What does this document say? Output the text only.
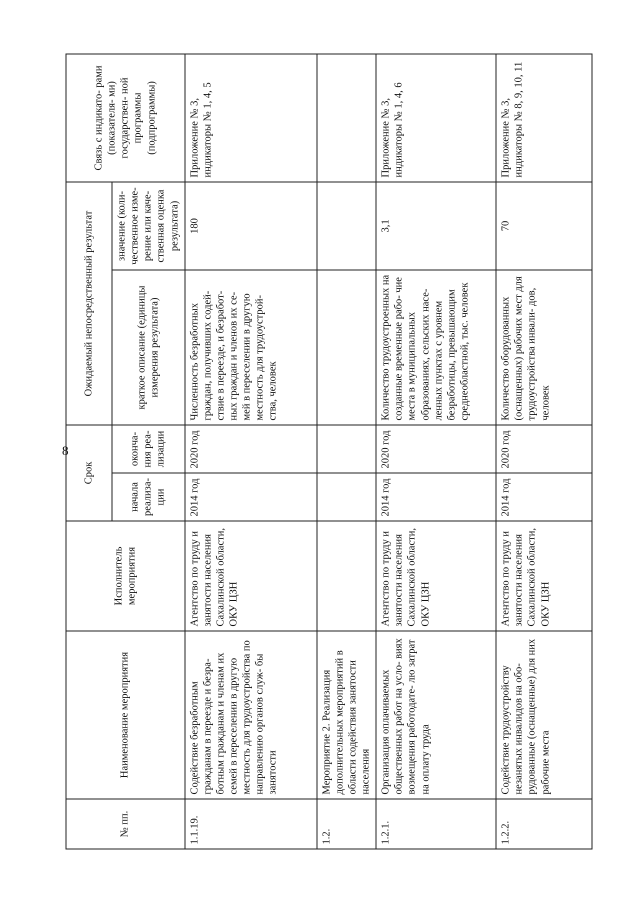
8
№ пп.	Наименование мероприятия	Исполнитель мероприятия	Срок		Ожидаемый непосредственный результат		Связь с индикато- рами (показателя- ми) государствен- ной программы (подпрограммы)
			начала реализа- ции	оконча- ния реа- лизации	краткое описание (единицы измерения результата)	значение (коли- чественное изме- рение или каче- ственная оценка результата)	
1.1.19.	Содействие безработным гражданам в переезде и безра- ботным гражданам и членам их семей в переселении в другую местность для трудоустройства по направлению органов служ- бы занятости	Агентство по труду и занятости населения Сахалинской области, ОКУ ЦЗН	2014 год	2020 год	Численность безработных граждан, получивших содей- ствие в переезде, и безработ- ных граждан и членов их се- мей в переселении в другую местность для трудоустрой- ства, человек	180	Приложение № 3, индикаторы № 1, 4, 5
1.2.	Мероприятие 2. Реализация дополнительных мероприятий в области содействия занятости населения						
1.2.1.	Организация оплачиваемых общественных работ на усло- виях возмещения работодате- лю затрат на оплату труда	Агентство по труду и занятости населения Сахалинской области, ОКУ ЦЗН	2014 год	2020 год	Количество трудоустроенных на созданные временные рабо- чие места в муниципальных образованиях, сельских насе- ленных пунктах с уровнем безработицы, превышающим среднеобластной, тыс. человек	3,1	Приложение № 3, индикаторы № 1, 4, 6
1.2.2.	Содействие трудоустройству незанятых инвалидов на обо- рудованные (оснащенные) для них рабочие места	Агентство по труду и занятости населения Сахалинской области, ОКУ ЦЗН	2014 год	2020 год	Количество оборудованных (оснащенных) рабочих мест для трудоустройства инвали- дов, человек	70	Приложение № 3, индикаторы № 8, 9, 10, 11
